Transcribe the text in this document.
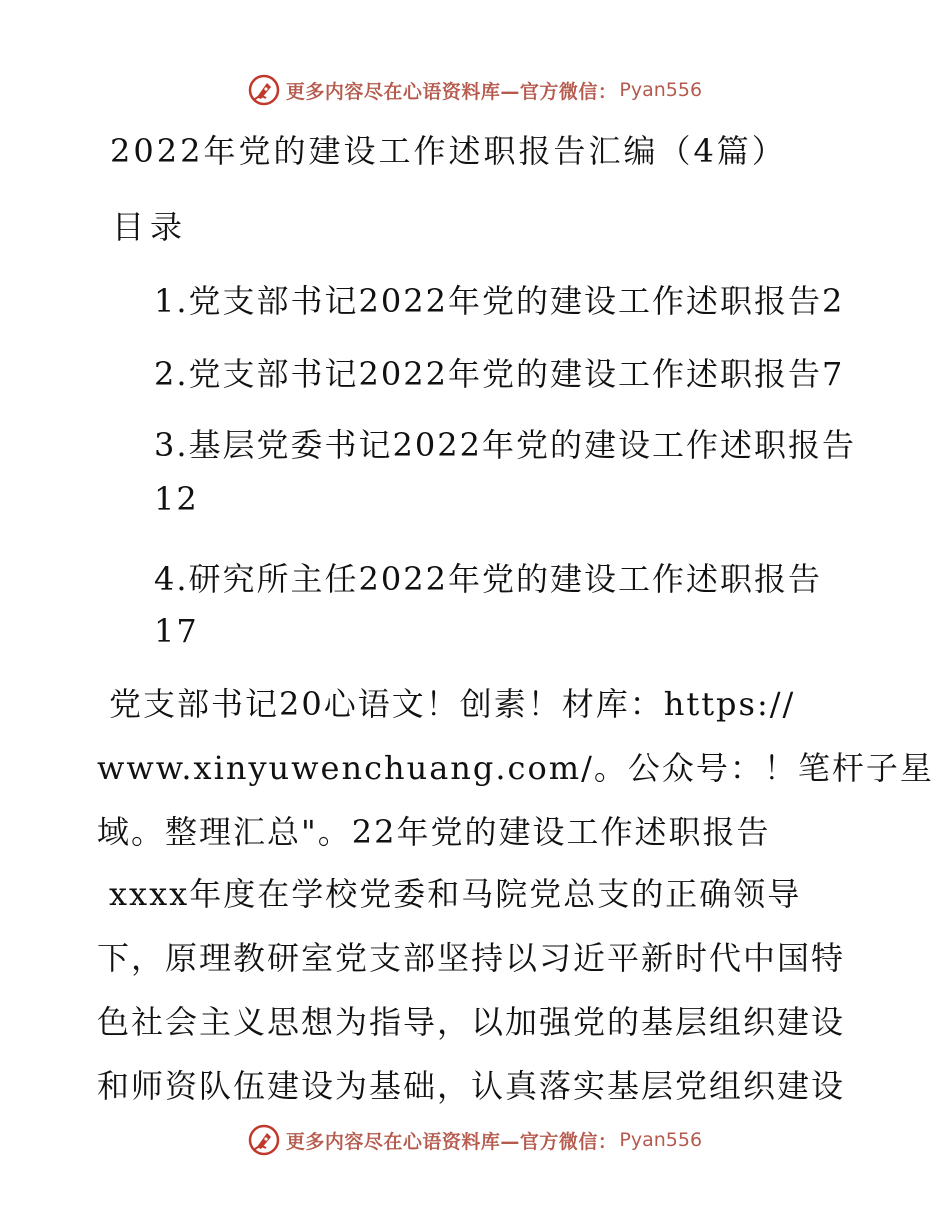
更多内容尽在心语资料库—官方微信： Pyan556
2022年党的建设工作述职报告汇编（4篇）
目录
1.党支部书记2022年党的建设工作述职报告2
2.党支部书记2022年党的建设工作述职报告7
3.基层党委书记2022年党的建设工作述职报告
12
4.研究所主任2022年党的建设工作述职报告
17
党支部书记20心语文！创素！材库：https://
www.xinyuwenchuang.com/。公众号：！笔杆子星
域。整理汇总"。22年党的建设工作述职报告
xxxx年度在学校党委和马院党总支的正确领导
下，原理教研室党支部坚持以习近平新时代中国特
色社会主义思想为指导，以加强党的基层组织建设
和师资队伍建设为基础，认真落实基层党组织建设
更多内容尽在心语资料库—官方微信： Pyan556
